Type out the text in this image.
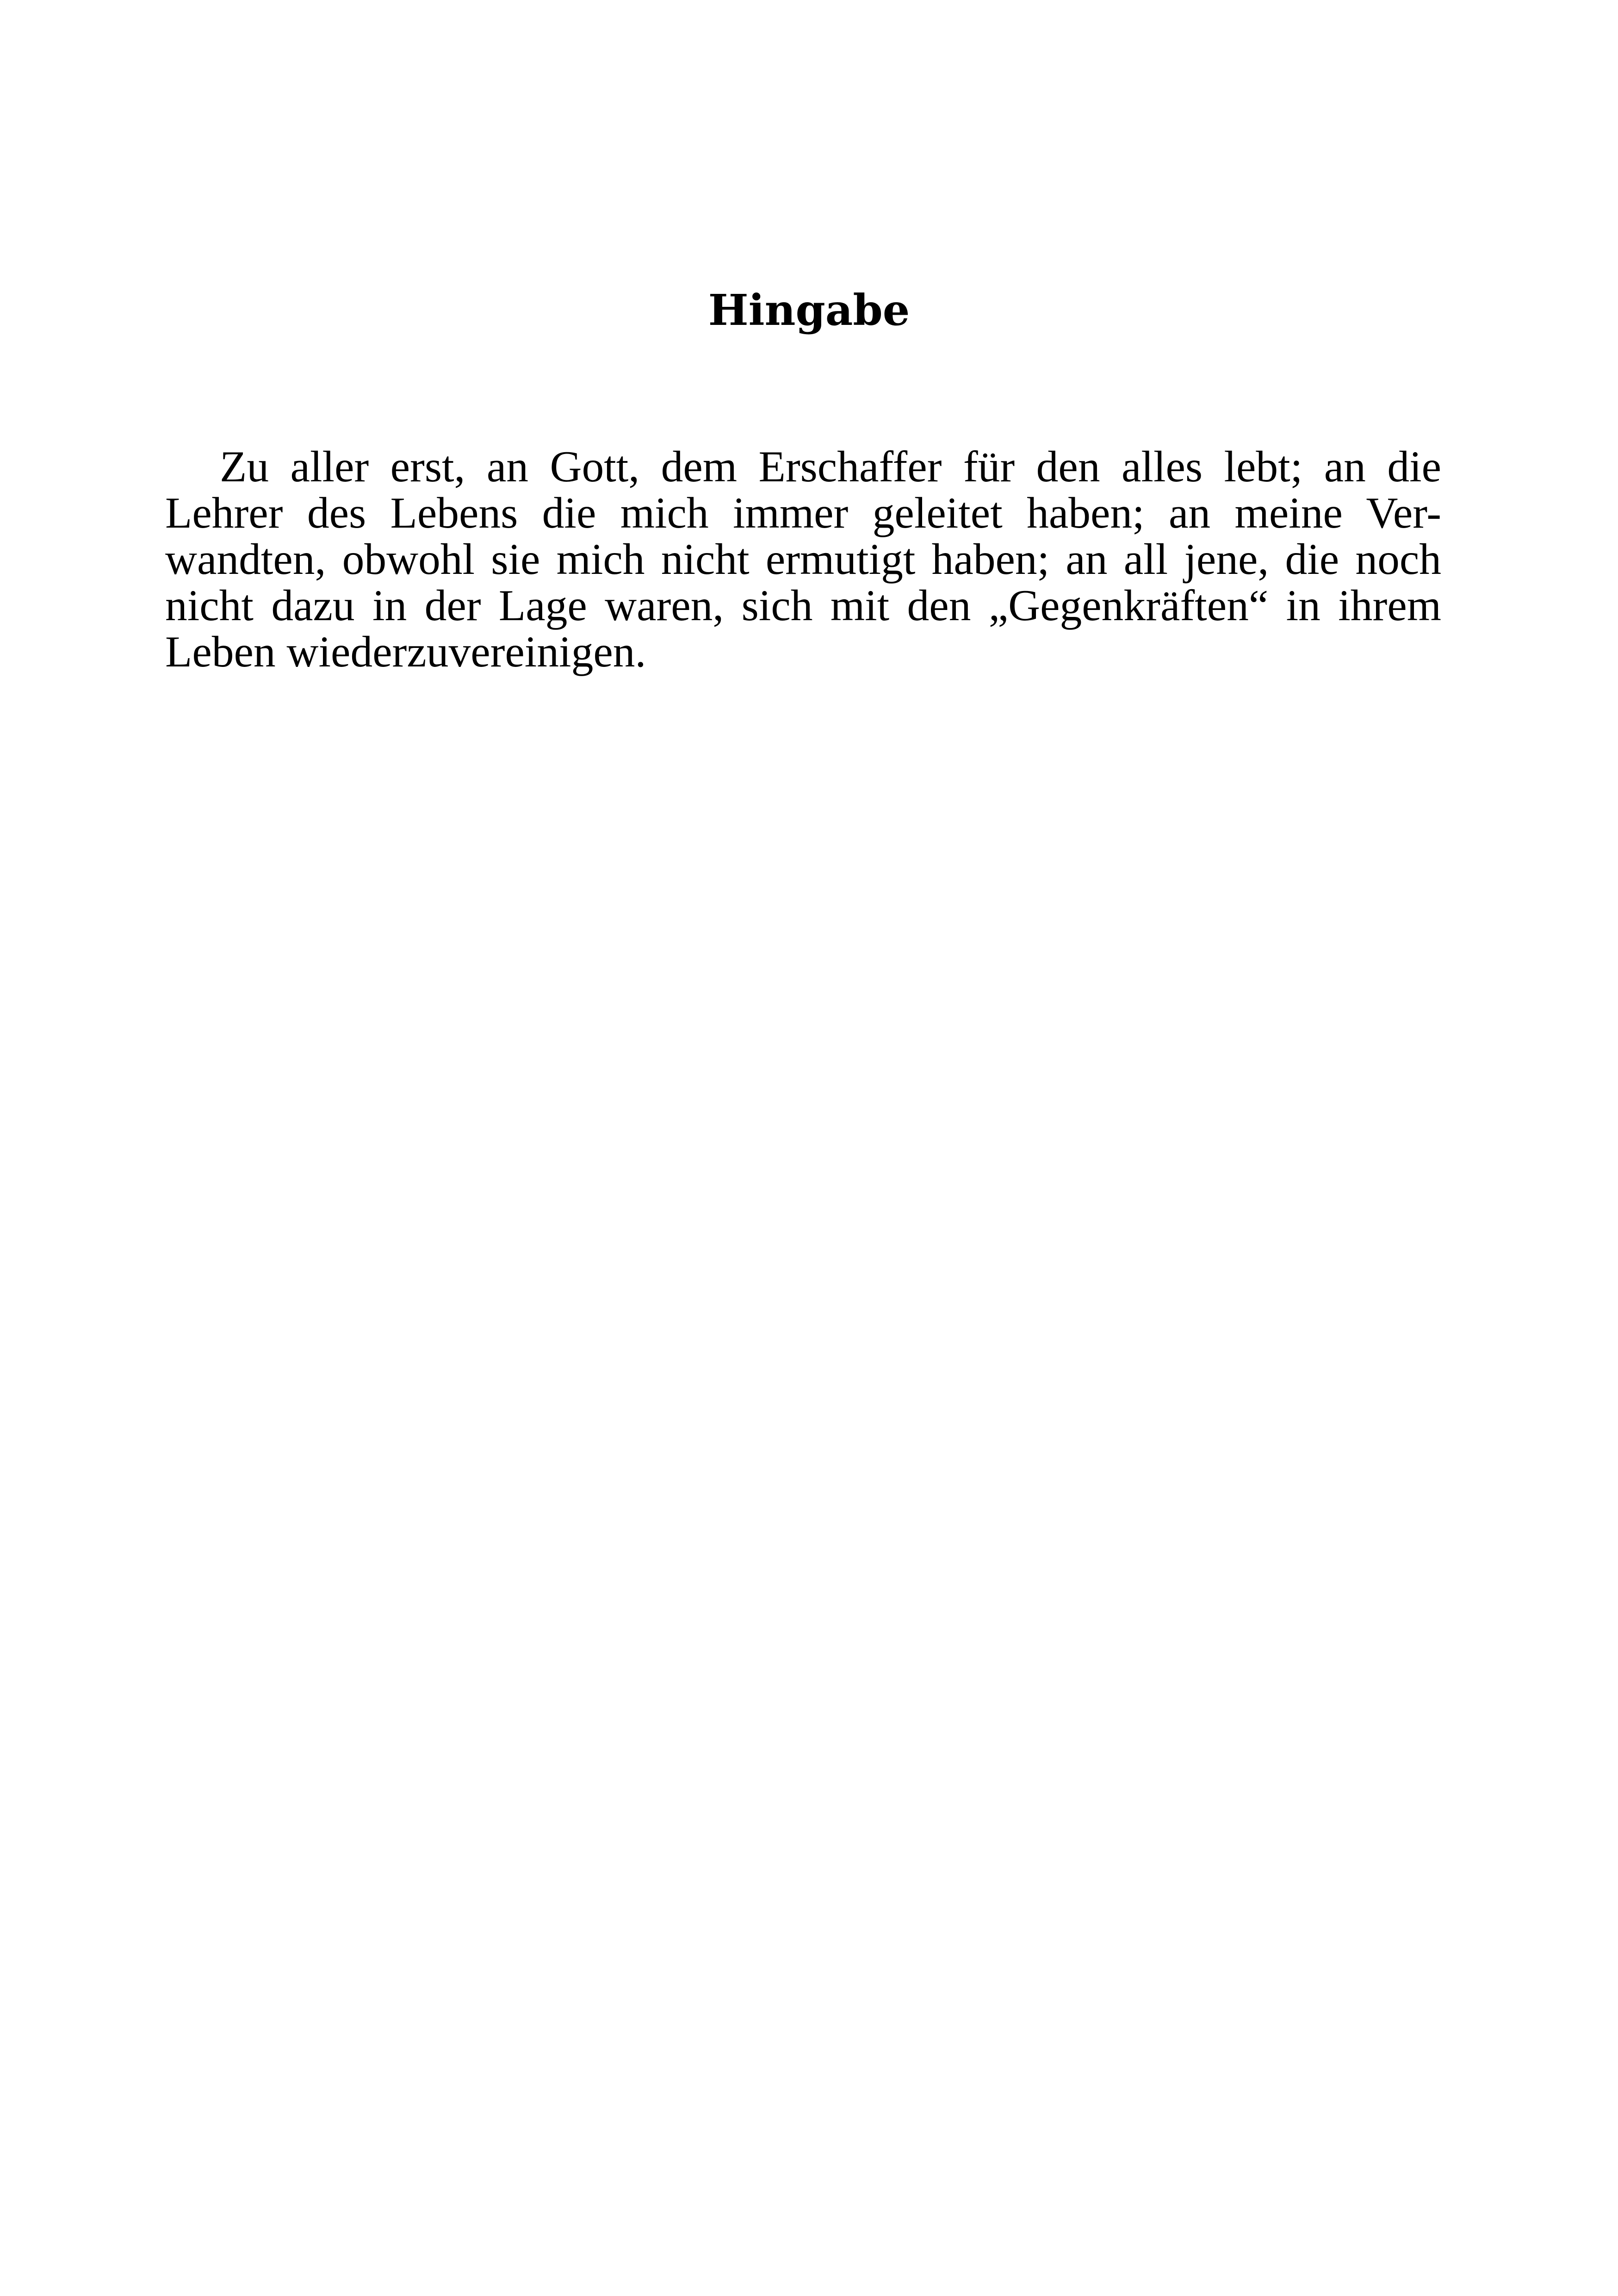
Hingabe
Zu aller erst, an Gott, dem Erschaffer für den alles lebt; an die
Lehrer des Lebens die mich immer geleitet haben; an meine Ver-
wandten, obwohl sie mich nicht ermutigt haben; an all jene, die noch
nicht dazu in der Lage waren, sich mit den „Gegenkräften“ in ihrem
Leben wiederzuvereinigen.
